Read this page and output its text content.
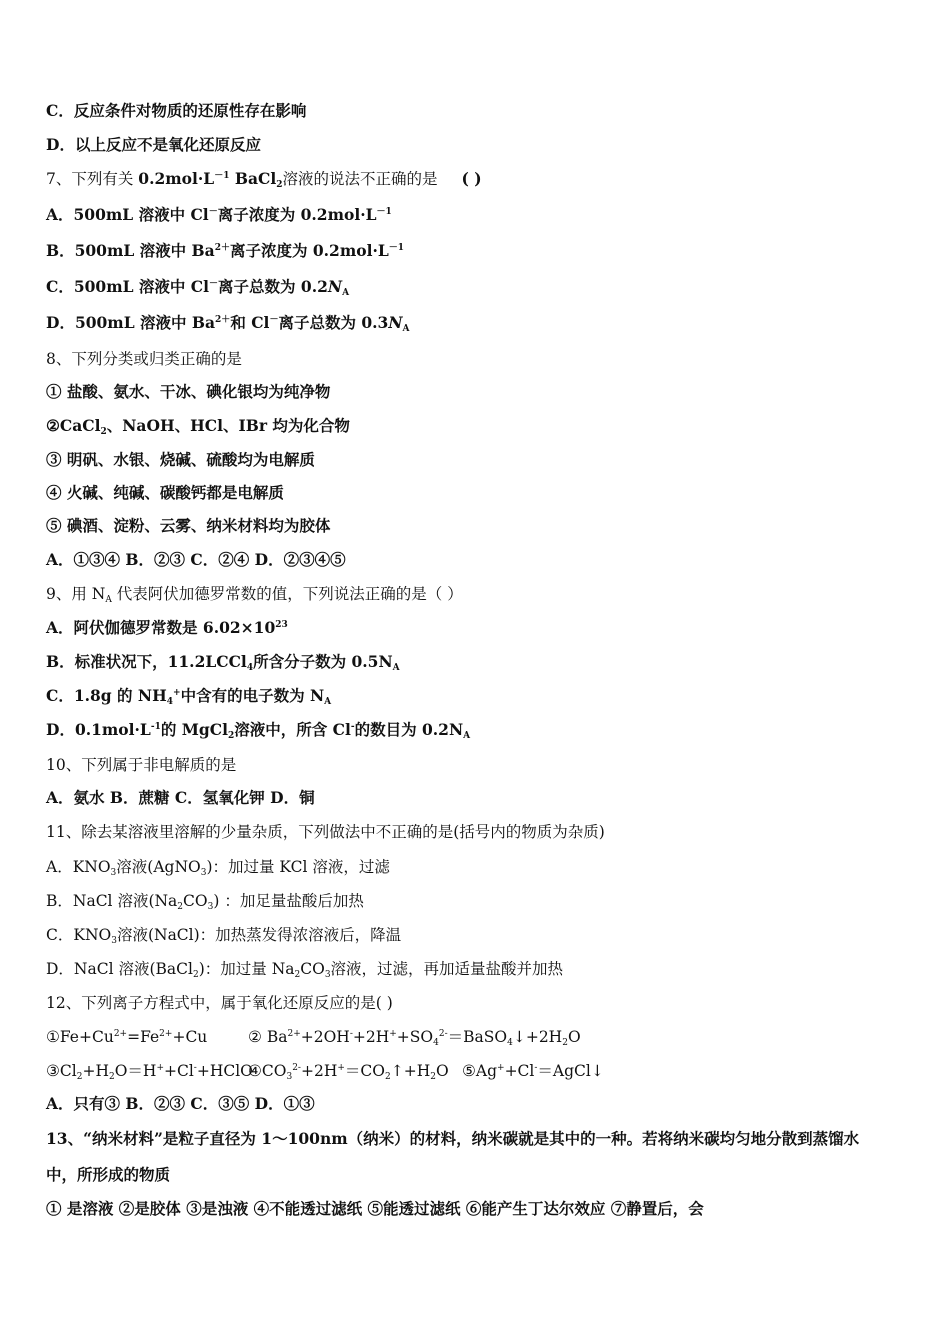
C．反应条件对物质的还原性存在影响
D．以上反应不是氧化还原反应
7、下列有关 $0.2mol\cdot L^{-1}$ BaCl$_2$溶液的说法不正确的是 ( )
A．500mL 溶液中 Cl－离子浓度为 $0.2mol\cdot L^{-1}$
B．500mL 溶液中 $Ba^{2+}$离子浓度为 $0.2mol\cdot L^{-1}$
C．500mL 溶液中 Cl－离子总数为 $0.2N_A$
D．500mL 溶液中 $Ba^{2+}$和 Cl－离子总数为 $0.3N_A$
8、下列分类或归类正确的是
① 盐酸、氨水、干冰、碘化银均为纯净物
②CaCl$_2$、NaOH、HCl、IBr 均为化合物
③ 明矾、水银、烧碱、硫酸均为电解质
④ 火碱、纯碱、碳酸钙都是电解质
⑤ 碘酒、淀粉、云雾、纳米材料均为胶体
A．①③④ B．②③ C．②④ D．②③④⑤
9、用 $N_A$ 代表阿伏加德罗常数的值，下列说法正确的是（ ）
A．阿伏伽德罗常数是 $6.02\times 10^{23}$
B．标准状况下，11.2LCCl$_4$所含分子数为 $0.5N_A$
C．1.8g 的 $NH_4^+$中含有的电子数为 $N_A$
D．$0.1mol\cdot L^{-1}$的 MgCl$_2$溶液中，所含 Cl-的数目为 $0.2N_A$
10、下列属于非电解质的是
A．氨水 B．蔗糖 C．氢氧化钾 D．铜
11、除去某溶液里溶解的少量杂质，下列做法中不正确的是(括号内的物质为杂质)
A．$KNO_3$溶液(AgNO$_3$)：加过量 KCl 溶液，过滤
B．NaCl 溶液$(Na_2CO_3)$ ：加足量盐酸后加热
C．$KNO_3$溶液(NaCl)：加热蒸发得浓溶液后，降温
D．NaCl 溶液(BaCl$_2$)：加过量 $Na_2CO_3$溶液，过滤，再加适量盐酸并加热
12、下列离子方程式中，属于氧化还原反应的是( )
$①Fe+Cu^{2+}=Fe^{2+}+Cu$	② $Ba^{2+}+2OH^-+2H^++SO_4^{2-}=BaSO_4↓+2H_2O$
$③Cl_2+H_2O=H^++Cl^-+HClO$
$④CO_3^{2-}+2H^+=CO_2↑+H_2O$ ⑤Ag++Cl-＝AgCl↓
A．只有③ B．②③ C．③⑤ D．①③
13、“纳米材料”是粒子直径为 1～100nm（纳米）的材料，纳米碳就是其中的一种。若将纳米碳均匀地分散到蒸馏水
中，所形成的物质
① 是溶液 ②是胶体 ③是浊液 ④不能透过滤纸 ⑤能透过滤纸 ⑥能产生丁达尔效应 ⑦静置后，会
